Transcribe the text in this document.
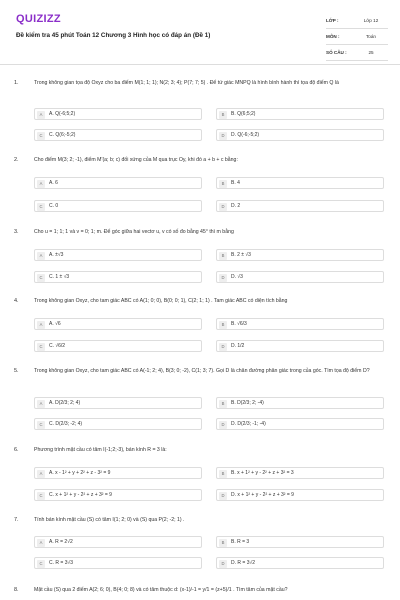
QUIZIZZ
Đề kiểm tra 45 phút Toán 12 Chương 3 Hình học có đáp án (Đề 1)
LỚP :	Lớp 12
MÔN :	Toán
SỐ CÂU :	25
1.	Trong không gian tọa độ Oxyz cho ba điểm M(1; 1; 1); N(2; 3; 4); P(7; 7; 5) . Để tứ giác MNPQ là hình bình hành thì tọa độ điểm Q là
A	A. Q(-6;5;2)	B	B. Q(6;5;2)
C	C. Q(6;-5;2)	D	D. Q(-6;-5;2)
2.	Cho điểm M(3; 2; -1), điểm M'(a; b; c) đối xứng của M qua trục Oy, khi đó a + b + c bằng:
A	A. 6	B	B. 4
C	C. 0	D	D. 2
3.	Cho u = 1; 1; 1 và v = 0; 1; m. Để góc giữa hai vectơ u, v có số đo bằng 45° thì m bằng
A	A. ±√3	B	B. 2 ± √3
C	C. 1 ± √3	D	D. √3
4.	Trong không gian Oxyz, cho tam giác ABC có A(1; 0; 0), B(0; 0; 1), C(2; 1; 1) . Tam giác ABC có diện tích bằng
A	A. √6	B	B. √6/3
C	C. √6/2	D	D. 1/2
5.	Trong không gian Oxyz, cho tam giác ABC có A(-1; 2; 4), B(3; 0; -2), C(1; 3; 7). Gọi D là chân đường phân giác trong của góc. Tìm tọa độ điểm D?
A	A. D(2/3; 2; 4)	B	B. D(2/3; 2; -4)
C	C. D(2/3; -2; 4)	D	D. D(2/3; -1; -4)
6.	Phương trình mặt cầu có tâm I(-1;2;-3), bán kính R = 3 là:
A	A. x - 1² + y + 2² + z - 3² = 9	B	B. x + 1² + y - 2² + z + 3² = 3
C	C. x + 1² + y - 2² + z + 3² = 9	D	D. x + 1² + y - 2² + z + 3² = 9
7.	Tính bán kính mặt cầu (S) có tâm I(1; 2; 0) và (S) qua P(2; -2; 1) .
A	A. R = 2√2	B	B. R = 3
C	C. R = 3√3	D	D. R = 3√2
8.	Mặt cầu (S) qua 2 điểm A(2; 6; 0), B(4; 0; 8) và có tâm thuộc d: (x-1)/-1 = y/1 = (z+5)/1 . Tìm tâm của mặt cầu?
